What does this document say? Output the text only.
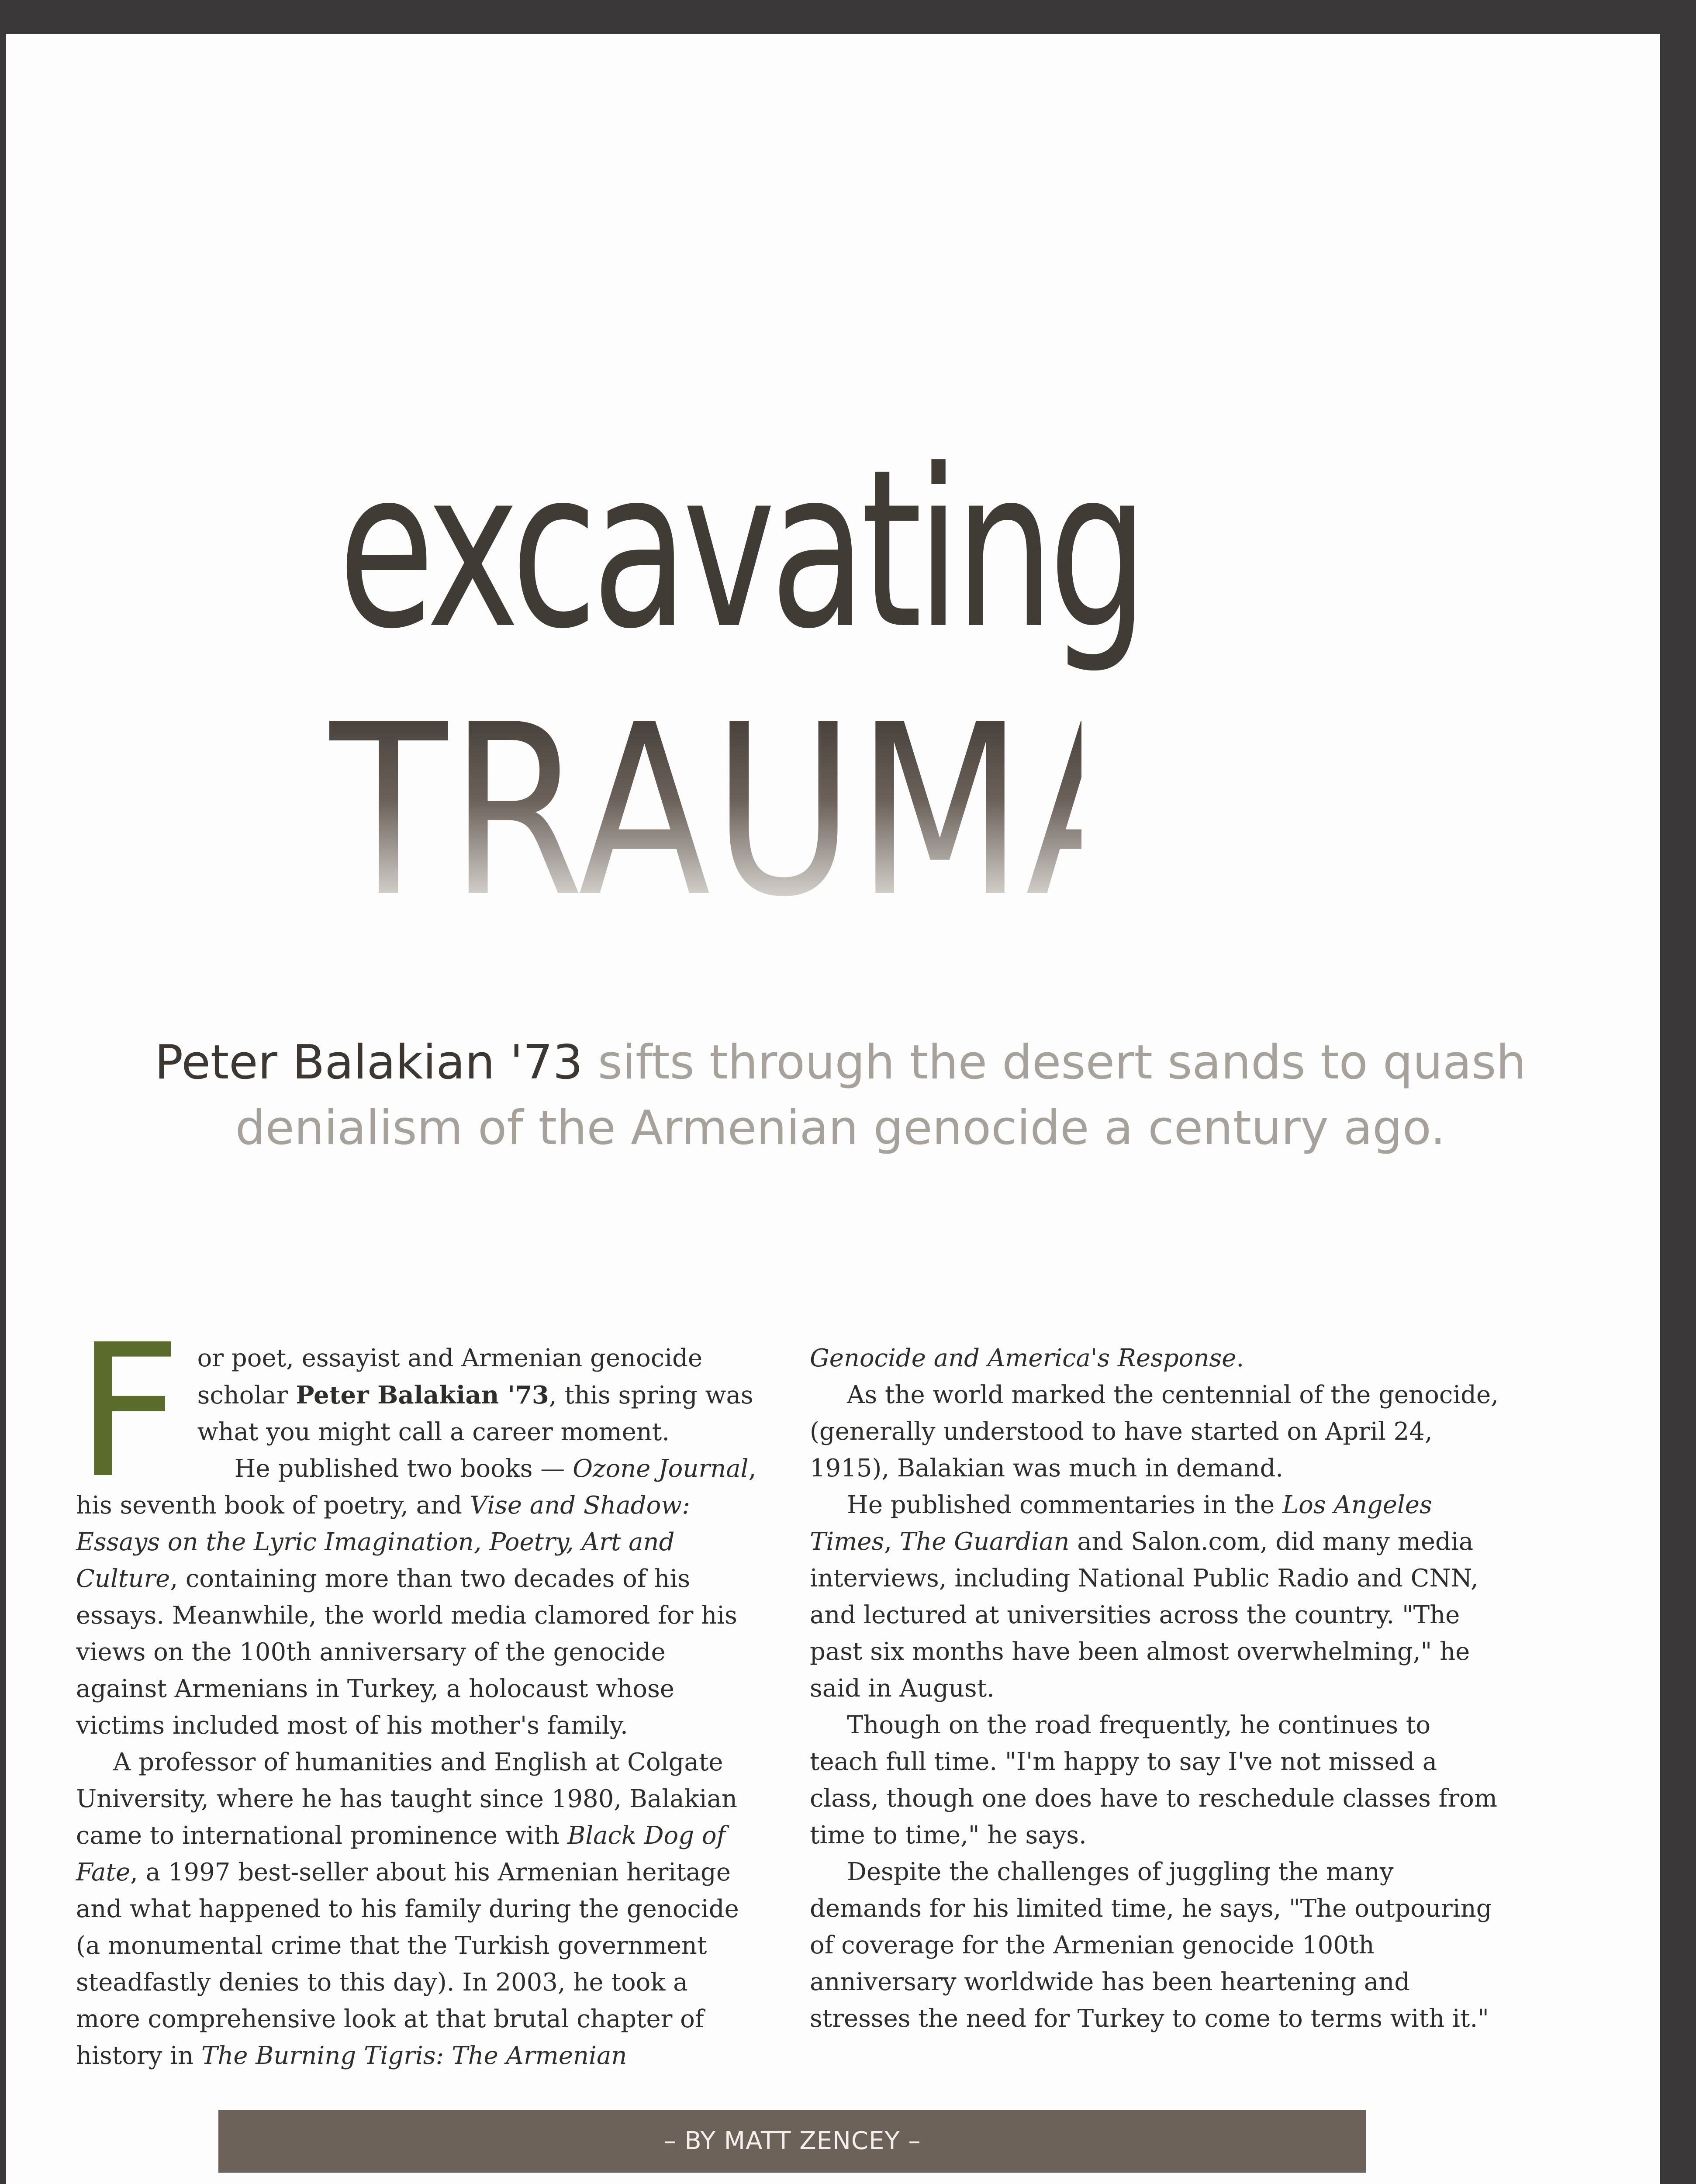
excavating
TRAUMA
Peter Balakian '73 sifts through the desert sands to quash denialism of the Armenian genocide a century ago.

For poet, essayist and Armenian genocide scholar Peter Balakian '73, this spring was what you might call a career moment.

He published two books — Ozone Journal, his seventh book of poetry, and Vise and Shadow: Essays on the Lyric Imagination, Poetry, Art and Culture, containing more than two decades of his essays. Meanwhile, the world media clamored for his views on the 100th anniversary of the genocide against Armenians in Turkey, a holocaust whose victims included most of his mother's family.

A professor of humanities and English at Colgate University, where he has taught since 1980, Balakian came to international prominence with Black Dog of Fate, a 1997 best-seller about his Armenian heritage and what happened to his family during the genocide (a monumental crime that the Turkish government steadfastly denies to this day). In 2003, he took a more comprehensive look at that brutal chapter of history in The Burning Tigris: The Armenian

Genocide and America's Response.

As the world marked the centennial of the genocide, (generally understood to have started on April 24, 1915), Balakian was much in demand.

He published commentaries in the Los Angeles Times, The Guardian and Salon.com, did many media interviews, including National Public Radio and CNN, and lectured at universities across the country. "The past six months have been almost overwhelming," he said in August.

Though on the road frequently, he continues to teach full time. "I'm happy to say I've not missed a class, though one does have to reschedule classes from time to time," he says.

Despite the challenges of juggling the many demands for his limited time, he says, "The outpouring of coverage for the Armenian genocide 100th anniversary worldwide has been heartening and stresses the need for Turkey to come to terms with it."

– BY MATT ZENCEY –
